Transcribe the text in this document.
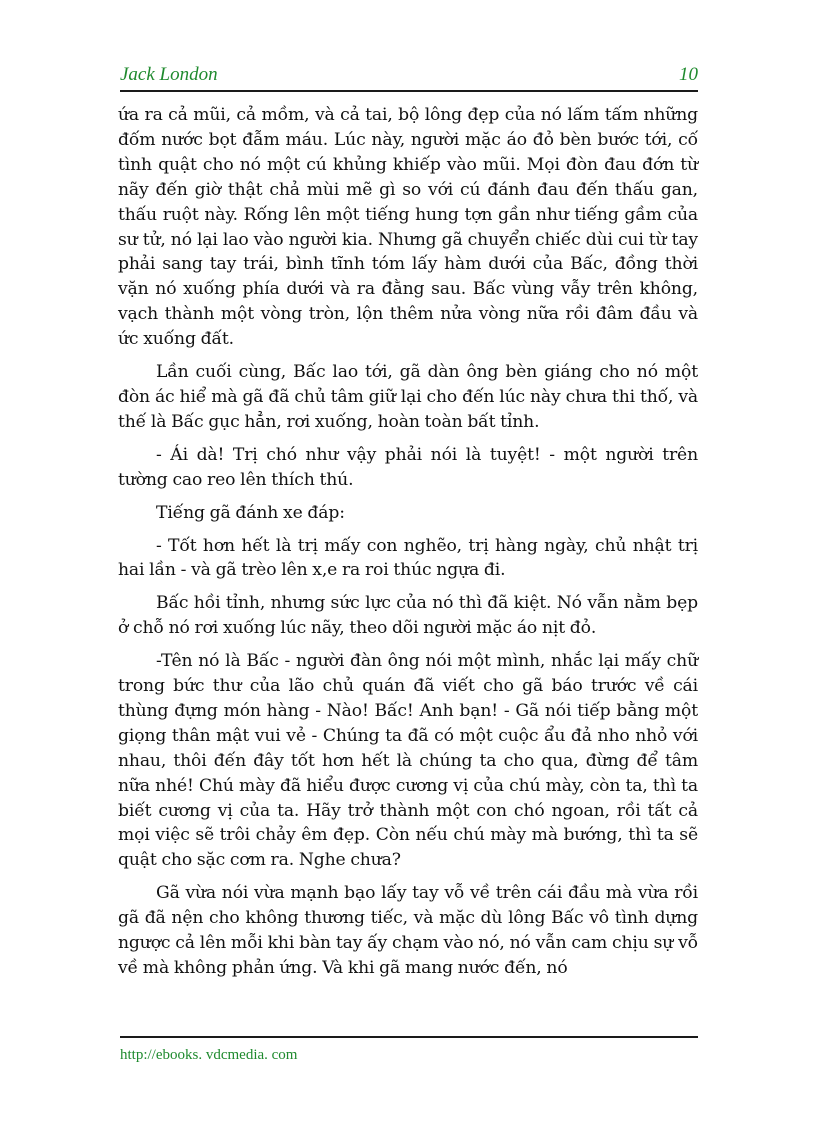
Jack London	10

ứa ra cả mũi, cả mồm, và cả tai, bộ lông đẹp của nó lấm tấm những đốm nước bọt đẫm máu. Lúc này, người mặc áo đỏ bèn bước tới, cố tình quật cho nó một cú khủng khiếp vào mũi. Mọi đòn đau đớn từ nãy đến giờ thật chả mùi mẽ gì so với cú đánh đau đến thấu gan, thấu ruột này. Rống lên một tiếng hung tợn gần như tiếng gầm của sư tử, nó lại lao vào người kia. Nhưng gã chuyển chiếc dùi cui từ tay phải sang tay trái, bình tĩnh tóm lấy hàm dưới của Bấc, đồng thời vặn nó xuống phía dưới và ra đằng sau. Bấc vùng vẫy trên không, vạch thành một vòng tròn, lộn thêm nửa vòng nữa rồi đâm đầu và ức xuống đất.

Lần cuối cùng, Bấc lao tới, gã dàn ông bèn giáng cho nó một đòn ác hiể mà gã đã chủ tâm giữ lại cho đến lúc này chưa thi thố, và thế là Bấc gục hẳn, rơi xuống, hoàn toàn bất tỉnh.

- Ái dà! Trị chó như vậy phải nói là tuyệt! - một người trên tường cao reo lên thích thú.

Tiếng gã đánh xe đáp:

- Tốt hơn hết là trị mấy con nghẽo, trị hàng ngày, chủ nhật trị hai lần - và gã trèo lên x,e ra roi thúc ngựa đi.

Bấc hồi tỉnh, nhưng sức lực của nó thì đã kiệt. Nó vẫn nằm bẹp ở chỗ nó rơi xuống lúc nãy, theo dõi người mặc áo nịt đỏ.

-Tên nó là Bấc - người đàn ông nói một mình, nhắc lại mấy chữ trong bức thư của lão chủ quán đã viết cho gã báo trước về cái thùng đựng món hàng - Nào! Bấc! Anh bạn! - Gã nói tiếp bằng một giọng thân mật vui vẻ - Chúng ta đã có một cuộc ẩu đả nho nhỏ với nhau, thôi đến đây tốt hơn hết là chúng ta cho qua, đừng để tâm nữa nhé! Chú mày đã hiểu được cương vị của chú mày, còn ta, thì ta biết cương vị của ta. Hãy trở thành một con chó ngoan, rồi tất cả mọi việc sẽ trôi chảy êm đẹp. Còn nếu chú mày mà bướng, thì ta sẽ quật cho sặc cơm ra. Nghe chưa?

Gã vừa nói vừa mạnh bạo lấy tay vỗ về trên cái đầu mà vừa rồi gã đã nện cho không thương tiếc, và mặc dù lông Bấc vô tình dựng ngược cả lên mỗi khi bàn tay ấy chạm vào nó, nó vẫn cam chịu sự vỗ về mà không phản ứng. Và khi gã mang nước đến, nó

http://ebooks. vdcmedia. com
